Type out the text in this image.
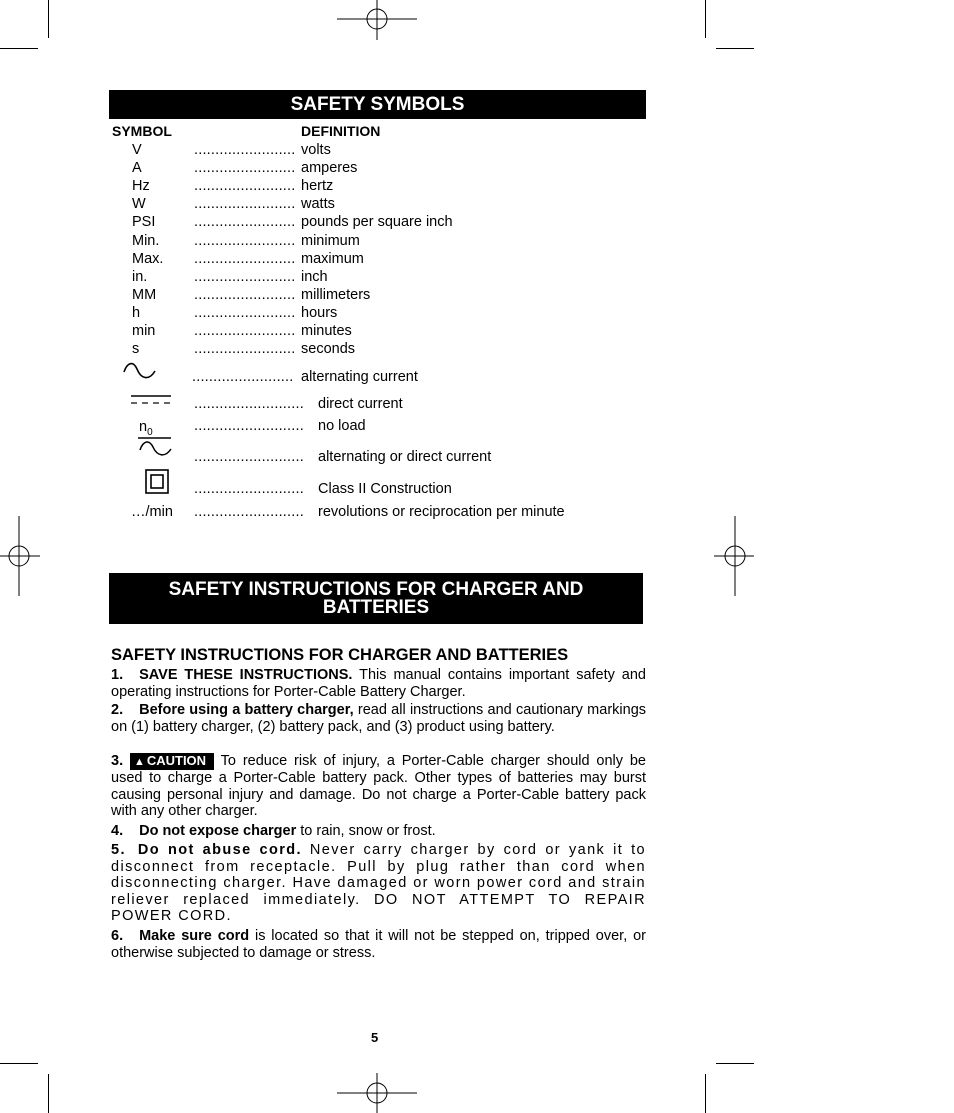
SAFETY SYMBOLS
SYMBOL	DEFINITION
V	........................ volts
A	........................ amperes
Hz	........................ hertz
W	........................ watts
PSI	........................ pounds per square inch
Min. ........................ minimum
Max. ........................ maximum
in.	........................ inch
MM	........................ millimeters
h	........................ hours
min	........................ minutes
s	........................ seconds
........................ alternating current
.......................... direct current
$n_0$	.......................... no load
.......................... alternating or direct current
.......................... Class II Construction
…/min .......................... revolutions or reciprocation per minute
SAFETY INSTRUCTIONS FOR CHARGER AND
BATTERIES
SAFETY INSTRUCTIONS FOR CHARGER AND BATTERIES
1. SAVE THESE INSTRUCTIONS. This manual contains important safety and operating instructions for Porter-Cable Battery Charger.
2. Before using a battery charger, read all instructions and cautionary markings on (1) battery charger, (2) battery pack, and (3) product using battery.
3. ▲ CAUTION To reduce risk of injury, a Porter-Cable charger should only be used to charge a Porter-Cable battery pack. Other types of batteries may burst causing personal injury and damage. Do not charge a Porter-Cable battery pack with any other charger.
4. Do not expose charger to rain, snow or frost.
5. Do not abuse cord. Never carry charger by cord or yank it to disconnect from receptacle. Pull by plug rather than cord when disconnecting charger. Have damaged or worn power cord and strain reliever replaced immediately. DO NOT ATTEMPT TO REPAIR POWER CORD.
6. Make sure cord is located so that it will not be stepped on, tripped over, or otherwise subjected to damage or stress.
5
